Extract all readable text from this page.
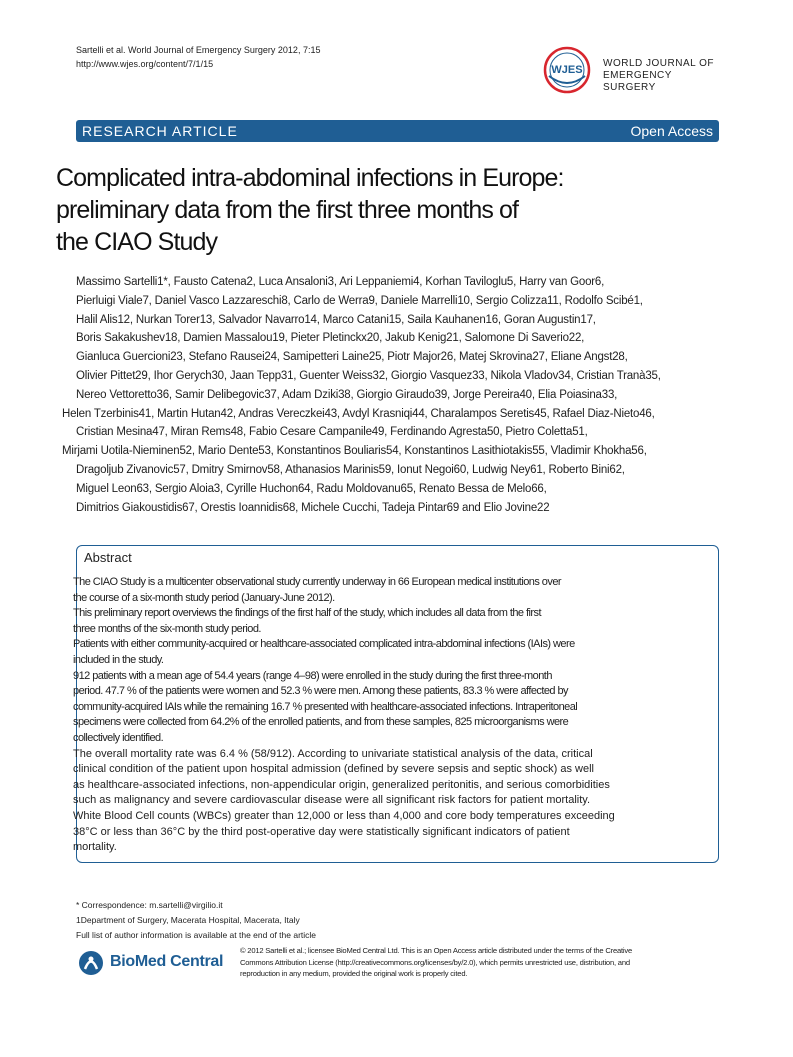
Sartelli et al. World Journal of Emergency Surgery 2012, 7:15
http://www.wjes.org/content/7/1/15	WJES
WORLD JOURNAL OF
EMERGENCY
SURGERY
RESEARCH ARTICLE	Open Access
Complicated intra-abdominal infections in Europe:
preliminary data from the first three months of
the CIAO Study
Massimo Sartelli1*, Fausto Catena2, Luca Ansaloni3, Ari Leppaniemi4, Korhan Taviloglu5, Harry van Goor6,
Pierluigi Viale7, Daniel Vasco Lazzareschi8, Carlo de Werra9, Daniele Marrelli10, Sergio Colizza11, Rodolfo Scibé1,
Halil Alis12, Nurkan Torer13, Salvador Navarro14, Marco Catani15, Saila Kauhanen16, Goran Augustin17,
Boris Sakakushev18, Damien Massalou19, Pieter Pletinckx20, Jakub Kenig21, Salomone Di Saverio22,
Gianluca Guercioni23, Stefano Rausei24, Samipetteri Laine25, Piotr Major26, Matej Skrovina27, Eliane Angst28,
Olivier Pittet29, Ihor Gerych30, Jaan Tepp31, Guenter Weiss32, Giorgio Vasquez33, Nikola Vladov34, Cristian Tranà35,
Nereo Vettoretto36, Samir Delibegovic37, Adam Dziki38, Giorgio Giraudo39, Jorge Pereira40, Elia Poiasina33,
Helen Tzerbinis41, Martin Hutan42, Andras Vereczkei43, Avdyl Krasniqi44, Charalampos Seretis45, Rafael Diaz-Nieto46,
Cristian Mesina47, Miran Rems48, Fabio Cesare Campanile49, Ferdinando Agresta50, Pietro Coletta51,
Mirjami Uotila-Nieminen52, Mario Dente53, Konstantinos Bouliaris54, Konstantinos Lasithiotakis55, Vladimir Khokha56,
Dragoljub Zivanovic57, Dmitry Smirnov58, Athanasios Marinis59, Ionut Negoi60, Ludwig Ney61, Roberto Bini62,
Miguel Leon63, Sergio Aloia3, Cyrille Huchon64, Radu Moldovanu65, Renato Bessa de Melo66,
Dimitrios Giakoustidis67, Orestis Ioannidis68, Michele Cucchi, Tadeja Pintar69 and Elio Jovine22
Abstract
The CIAO Study is a multicenter observational study currently underway in 66 European medical institutions over
the course of a six-month study period (January-June 2012).
This preliminary report overviews the findings of the first half of the study, which includes all data from the first
three months of the six-month study period.
Patients with either community-acquired or healthcare-associated complicated intra-abdominal infections (IAIs) were
included in the study.
912 patients with a mean age of 54.4 years (range 4–98) were enrolled in the study during the first three-month
period. 47.7 % of the patients were women and 52.3 % were men. Among these patients, 83.3 % were affected by
community-acquired IAIs while the remaining 16.7 % presented with healthcare-associated infections. Intraperitoneal
specimens were collected from 64.2% of the enrolled patients, and from these samples, 825 microorganisms were
collectively identified.
The overall mortality rate was 6.4 % (58/912). According to univariate statistical analysis of the data, critical
clinical condition of the patient upon hospital admission (defined by severe sepsis and septic shock) as well
as healthcare-associated infections, non-appendicular origin, generalized peritonitis, and serious comorbidities
such as malignancy and severe cardiovascular disease were all significant risk factors for patient mortality.
White Blood Cell counts (WBCs) greater than 12,000 or less than 4,000 and core body temperatures exceeding
38°C or less than 36°C by the third post-operative day were statistically significant indicators of patient
mortality.
* Correspondence: m.sartelli@virgilio.it
1Department of Surgery, Macerata Hospital, Macerata, Italy
Full list of author information is available at the end of the article
BioMed Central
© 2012 Sartelli et al.; licensee BioMed Central Ltd. This is an Open Access article distributed under the terms of the Creative
Commons Attribution License (http://creativecommons.org/licenses/by/2.0), which permits unrestricted use, distribution, and
reproduction in any medium, provided the original work is properly cited.
